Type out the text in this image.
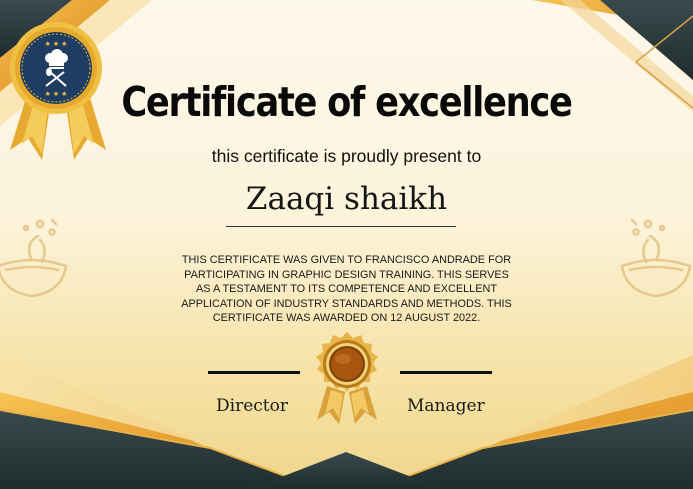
★ ★ ★
★ ★ ★	Certificate of excellence
this certificate is proudly present to
Zaaqi shaikh
THIS CERTIFICATE WAS GIVEN TO FRANCISCO ANDRADE FOR
PARTICIPATING IN GRAPHIC DESIGN TRAINING. THIS SERVES
AS A TESTAMENT TO ITS COMPETENCE AND EXCELLENT
APPLICATION OF INDUSTRY STANDARDS AND METHODS. THIS
CERTIFICATE WAS AWARDED ON 12 AUGUST 2022.
Director	Manager
